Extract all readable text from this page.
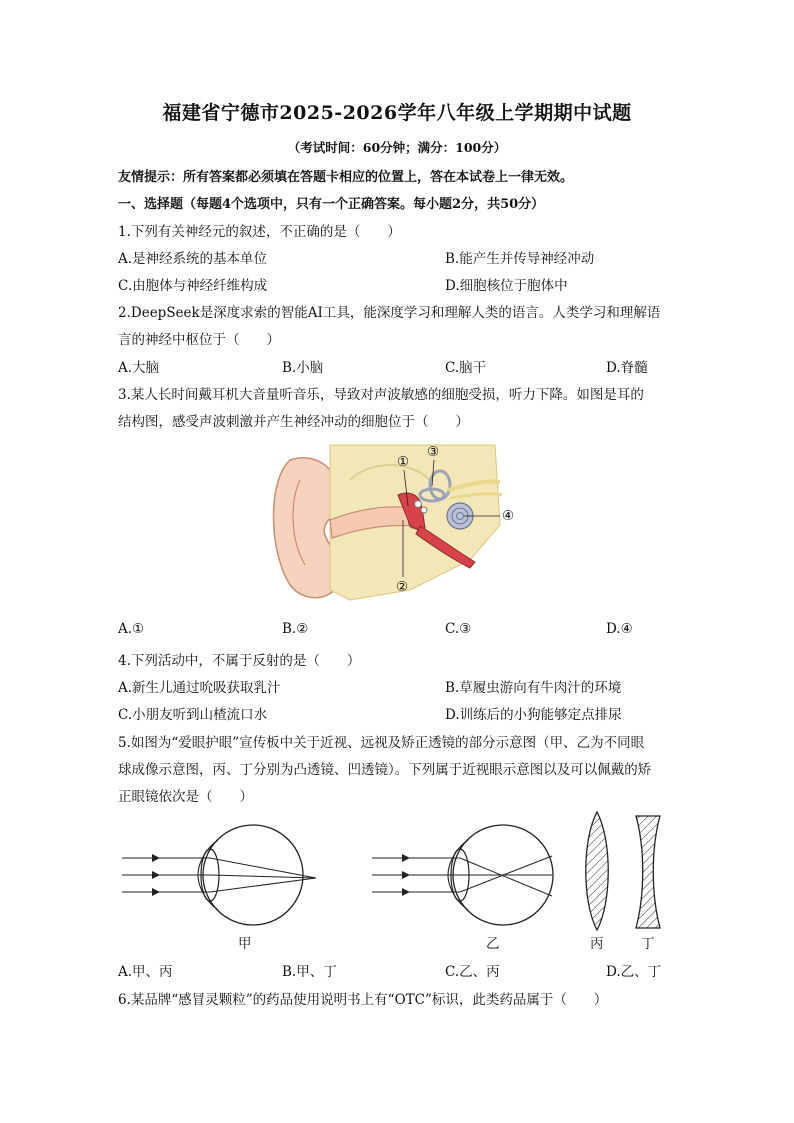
福建省宁德市2025-2026学年八年级上学期期中试题
（考试时间：60分钟；满分：100分）
友情提示：所有答案都必须填在答题卡相应的位置上，答在本试卷上一律无效。
一、选择题（每题4个选项中，只有一个正确答案。每小题2分，共50分）
1.下列有关神经元的叙述，不正确的是（　　）
A.是神经系统的基本单位	B.能产生并传导神经冲动
C.由胞体与神经纤维构成	D.细胞核位于胞体中
2.DeepSeek是深度求索的智能AI工具，能深度学习和理解人类的语言。人类学习和理解语
言的神经中枢位于（　　）
A.大脑	B.小脑	C.脑干	D.脊髓
3.某人长时间戴耳机大音量听音乐，导致对声波敏感的细胞受损，听力下降。如图是耳的
结构图，感受声波刺激并产生神经冲动的细胞位于（　　）
①
②
③
④
A.①	B.②	C.③	D.④
4.下列活动中，不属于反射的是（　　）
A.新生儿通过吮吸获取乳汁	B.草履虫游向有牛肉汁的环境
C.小朋友听到山楂流口水	D.训练后的小狗能够定点排尿
5.如图为“爱眼护眼”宣传板中关于近视、远视及矫正透镜的部分示意图（甲、乙为不同眼
球成像示意图，丙、丁分别为凸透镜、凹透镜）。下列属于近视眼示意图以及可以佩戴的矫
正眼镜依次是（　　）
甲	乙	丙	丁
A.甲、丙	B.甲、丁	C.乙、丙	D.乙、丁
6.某品牌“感冒灵颗粒”的药品使用说明书上有“OTC”标识，此类药品属于（　　）
